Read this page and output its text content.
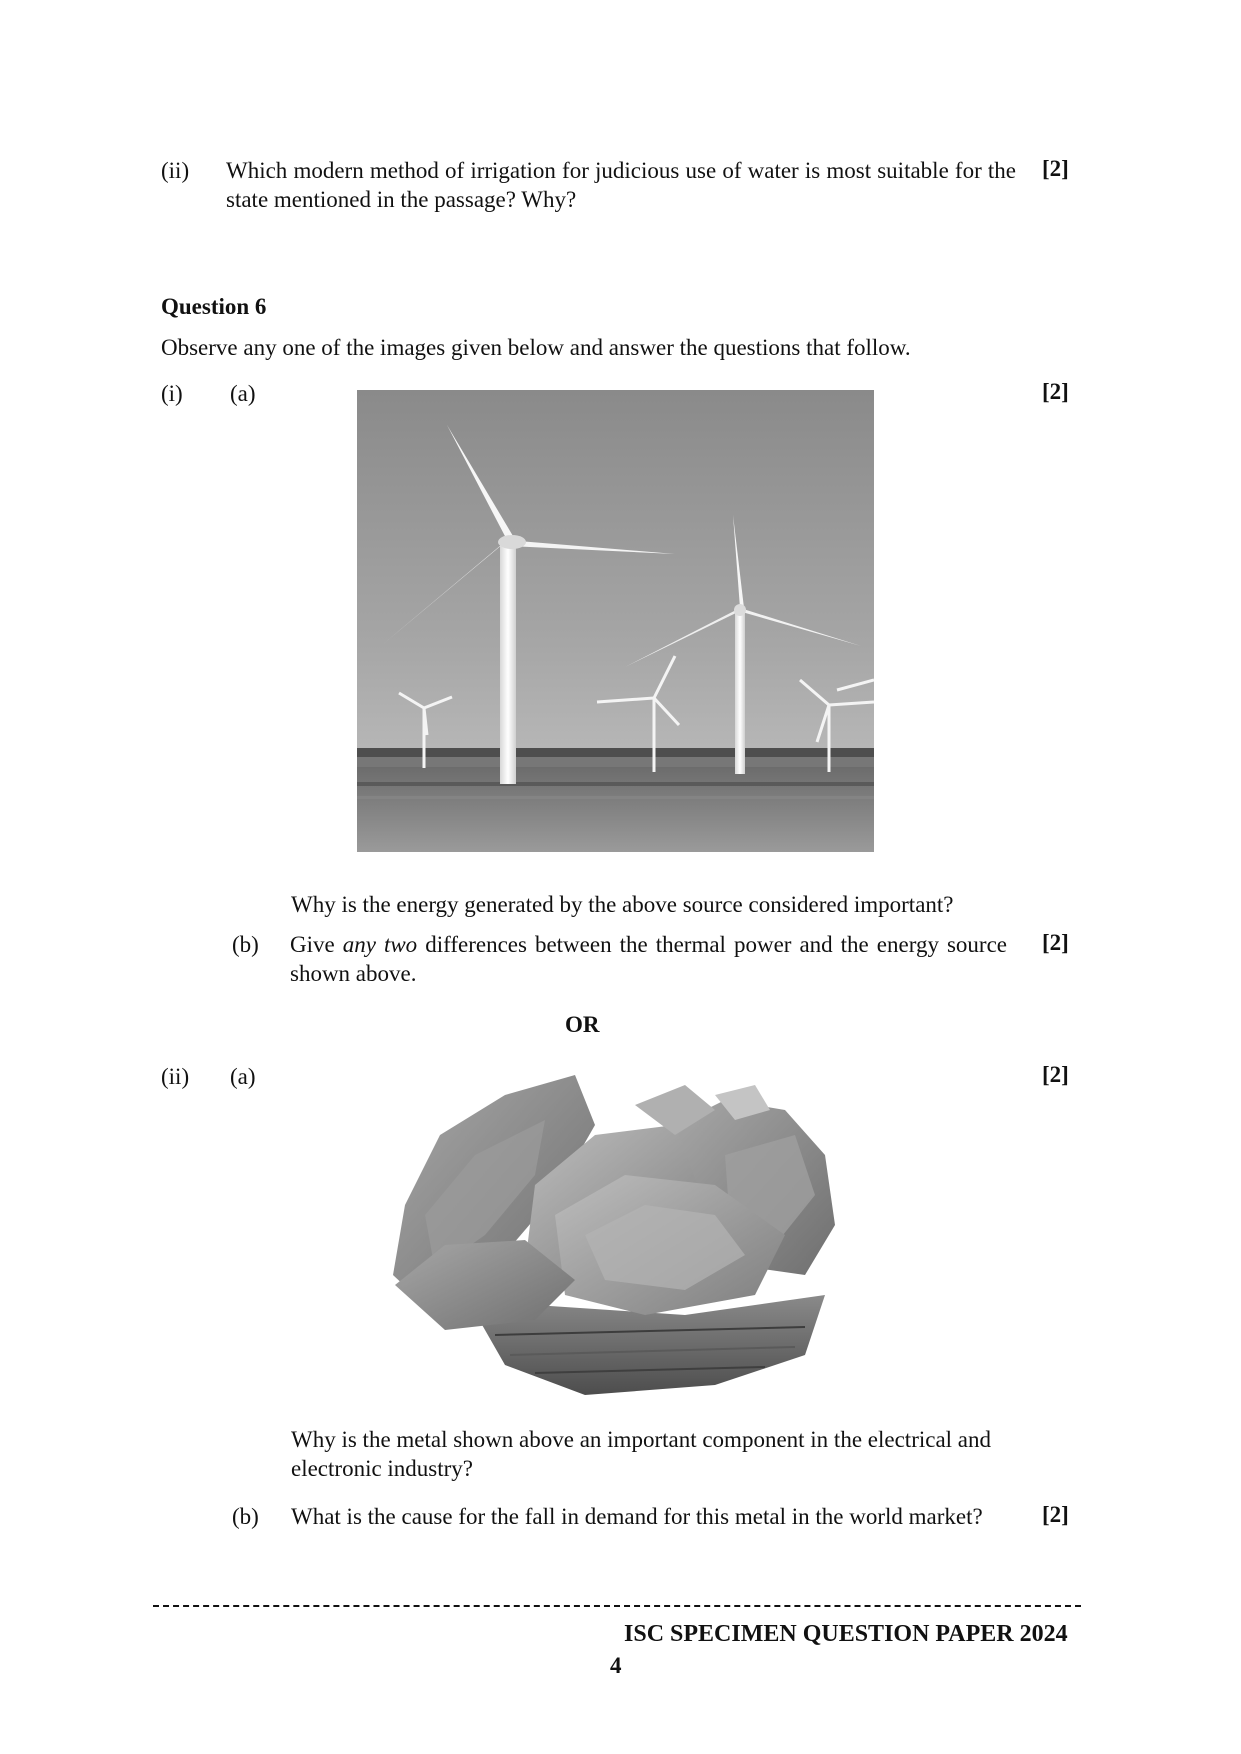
(ii) Which modern method of irrigation for judicious use of water is most suitable for the state mentioned in the passage? Why?
[2]
Question 6
Observe any one of the images given below and answer the questions that follow.
(i) (a)	[2]
Why is the energy generated by the above source considered important?
(b) Give any two differences between the thermal power and the energy source shown above.
[2]
OR
(ii) (a)	[2]
Why is the metal shown above an important component in the electrical and electronic industry?
(b) What is the cause for the fall in demand for this metal in the world market?	[2]
ISC SPECIMEN QUESTION PAPER 2024
4
